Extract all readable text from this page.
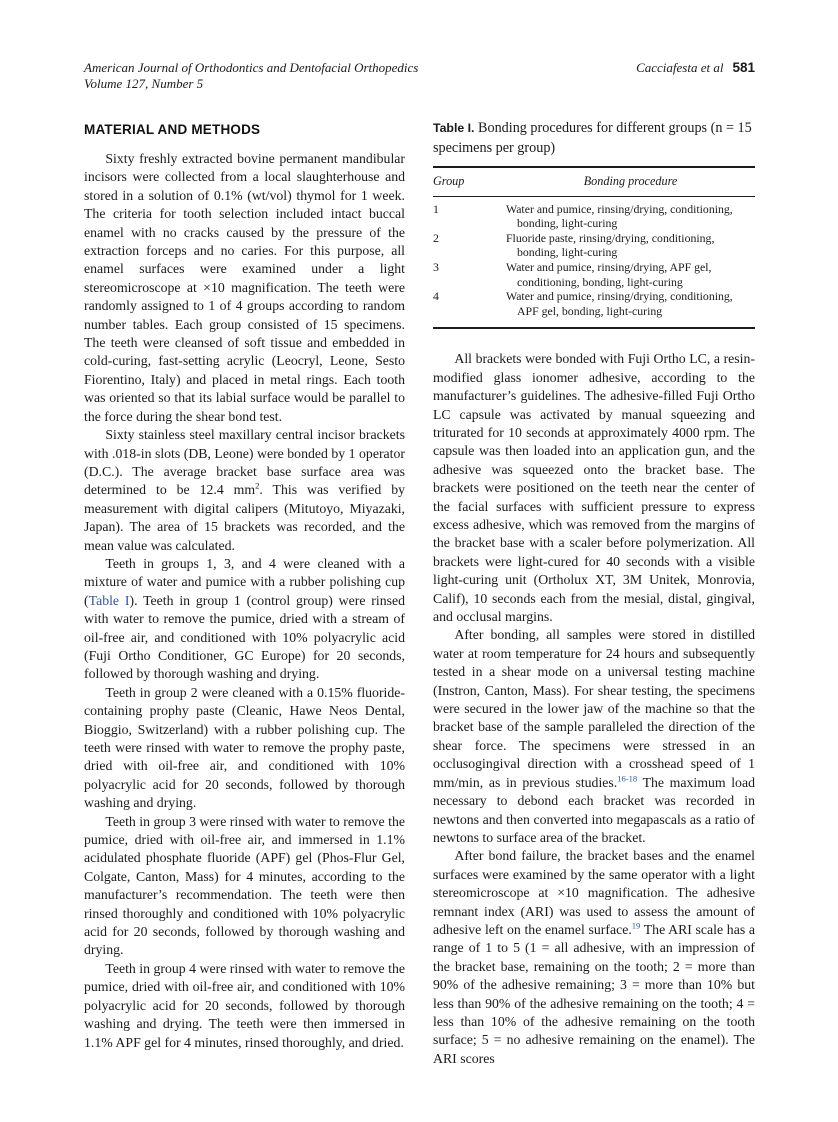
American Journal of Orthodontics and Dentofacial Orthopedics
Volume 127, Number 5
Cacciafesta et al 581
MATERIAL AND METHODS

Sixty freshly extracted bovine permanent mandibular incisors were collected from a local slaughterhouse and stored in a solution of 0.1% (wt/vol) thymol for 1 week. The criteria for tooth selection included intact buccal enamel with no cracks caused by the pressure of the extraction forceps and no caries. For this purpose, all enamel surfaces were examined under a light stereomicroscope at ×10 magnification. The teeth were randomly assigned to 1 of 4 groups according to random number tables. Each group consisted of 15 specimens. The teeth were cleansed of soft tissue and embedded in cold-curing, fast-setting acrylic (Leocryl, Leone, Sesto Fiorentino, Italy) and placed in metal rings. Each tooth was oriented so that its labial surface would be parallel to the force during the shear bond test.

Sixty stainless steel maxillary central incisor brackets with .018-in slots (DB, Leone) were bonded by 1 operator (D.C.). The average bracket base surface area was determined to be 12.4 $mm^2$. This was verified by measurement with digital calipers (Mitutoyo, Miyazaki, Japan). The area of 15 brackets was recorded, and the mean value was calculated.

Teeth in groups 1, 3, and 4 were cleaned with a mixture of water and pumice with a rubber polishing cup (Table I). Teeth in group 1 (control group) were rinsed with water to remove the pumice, dried with a stream of oil-free air, and conditioned with 10% polyacrylic acid (Fuji Ortho Conditioner, GC Europe) for 20 seconds, followed by thorough washing and drying.

Teeth in group 2 were cleaned with a 0.15% fluoride-containing prophy paste (Cleanic, Hawe Neos Dental, Bioggio, Switzerland) with a rubber polishing cup. The teeth were rinsed with water to remove the prophy paste, dried with oil-free air, and conditioned with 10% polyacrylic acid for 20 seconds, followed by thorough washing and drying.

Teeth in group 3 were rinsed with water to remove the pumice, dried with oil-free air, and immersed in 1.1% acidulated phosphate fluoride (APF) gel (Phos-Flur Gel, Colgate, Canton, Mass) for 4 minutes, according to the manufacturer’s recommendation. The teeth were then rinsed thoroughly and conditioned with 10% polyacrylic acid for 20 seconds, followed by thorough washing and drying.

Teeth in group 4 were rinsed with water to remove the pumice, dried with oil-free air, and conditioned with 10% polyacrylic acid for 20 seconds, followed by thorough washing and drying. The teeth were then immersed in 1.1% APF gel for 4 minutes, rinsed thoroughly, and dried.

Table I. Bonding procedures for different groups (n = 15 specimens per group)
Group	Bonding procedure
1	Water and pumice, rinsing/drying, conditioning, bonding, light-curing
2	Fluoride paste, rinsing/drying, conditioning, bonding, light-curing
3	Water and pumice, rinsing/drying, APF gel, conditioning, bonding, light-curing
4	Water and pumice, rinsing/drying, conditioning, APF gel, bonding, light-curing

All brackets were bonded with Fuji Ortho LC, a resin-modified glass ionomer adhesive, according to the manufacturer’s guidelines. The adhesive-filled Fuji Ortho LC capsule was activated by manual squeezing and triturated for 10 seconds at approximately 4000 rpm. The capsule was then loaded into an application gun, and the adhesive was squeezed onto the bracket base. The brackets were positioned on the teeth near the center of the facial surfaces with sufficient pressure to express excess adhesive, which was removed from the margins of the bracket base with a scaler before polymerization. All brackets were light-cured for 40 seconds with a visible light-curing unit (Ortholux XT, 3M Unitek, Monrovia, Calif), 10 seconds each from the mesial, distal, gingival, and occlusal margins.

After bonding, all samples were stored in distilled water at room temperature for 24 hours and subsequently tested in a shear mode on a universal testing machine (Instron, Canton, Mass). For shear testing, the specimens were secured in the lower jaw of the machine so that the bracket base of the sample paralleled the direction of the shear force. The specimens were stressed in an occlusogingival direction with a crosshead speed of 1 mm/min, as in previous studies.$^{16-18}$ The maximum load necessary to debond each bracket was recorded in newtons and then converted into megapascals as a ratio of newtons to surface area of the bracket.

After bond failure, the bracket bases and the enamel surfaces were examined by the same operator with a light stereomicroscope at ×10 magnification. The adhesive remnant index (ARI) was used to assess the amount of adhesive left on the enamel surface.$^{19}$ The ARI scale has a range of 1 to 5 (1 = all adhesive, with an impression of the bracket base, remaining on the tooth; 2 = more than 90% of the adhesive remaining; 3 = more than 10% but less than 90% of the adhesive remaining on the tooth; 4 = less than 10% of the adhesive remaining on the tooth surface; 5 = no adhesive remaining on the enamel). The ARI scores
